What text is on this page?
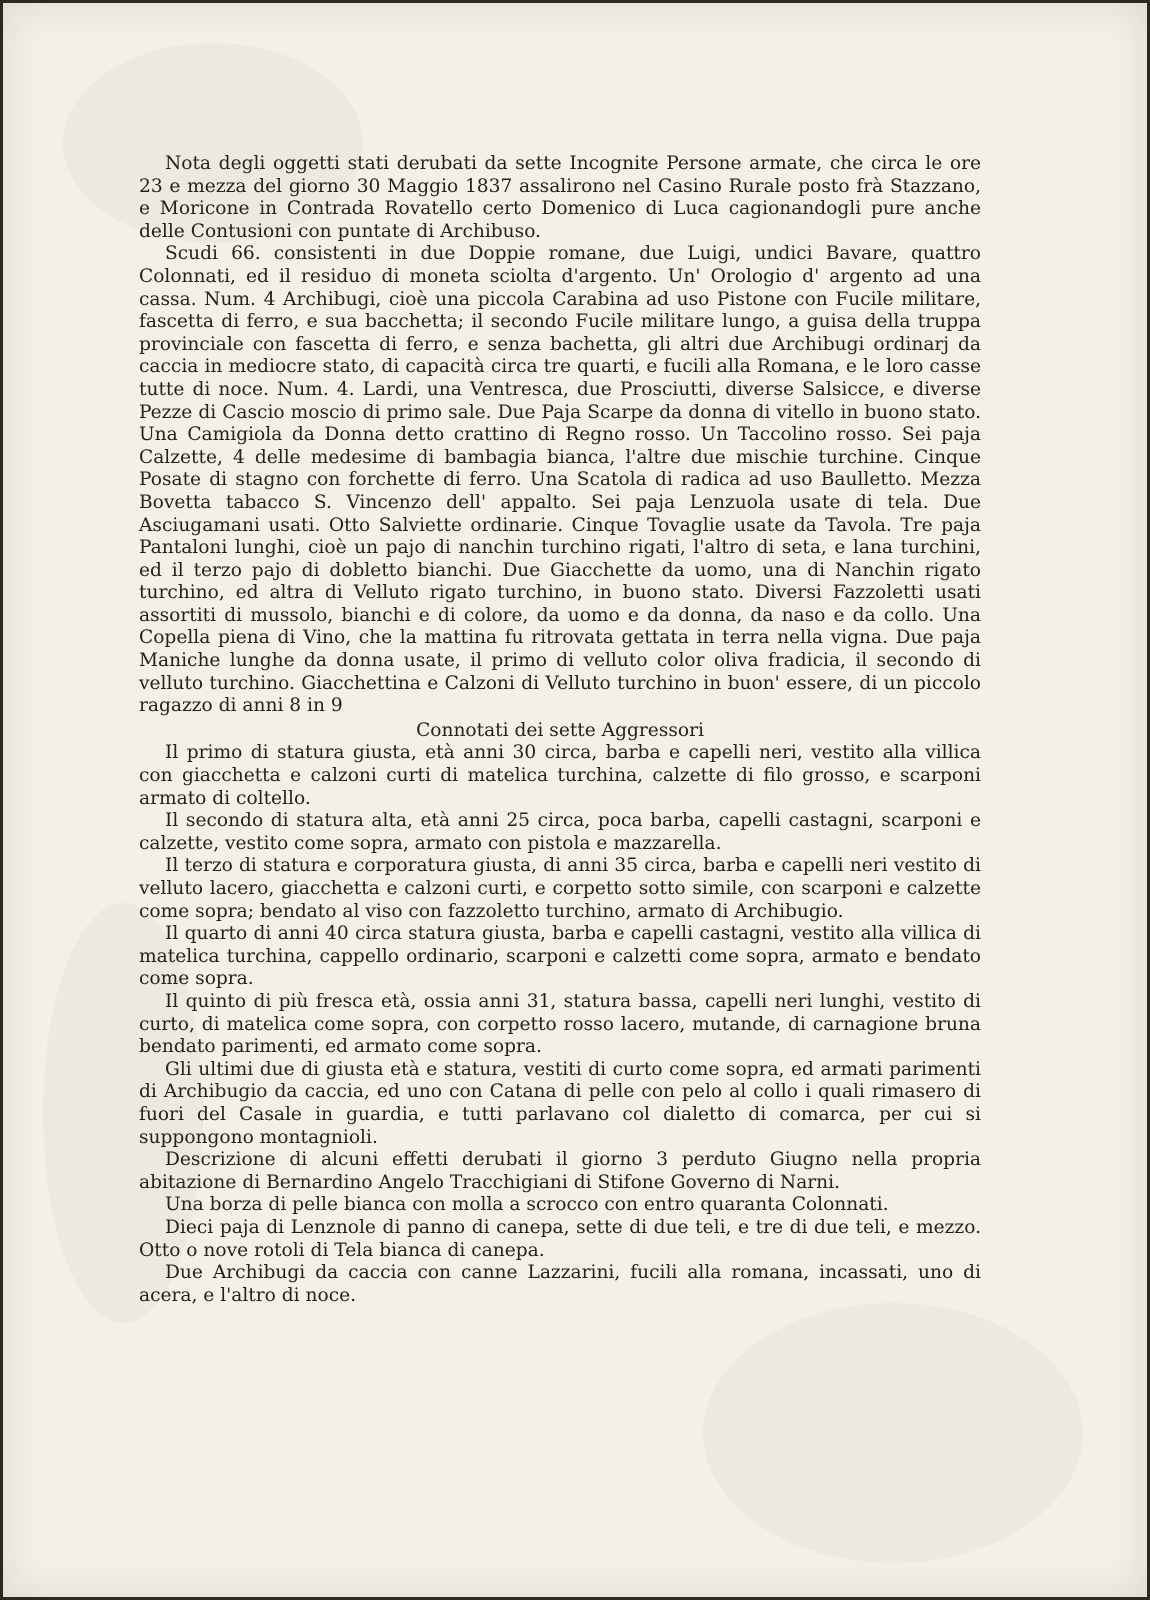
Nota degli oggetti stati derubati da sette Incognite Persone armate, che circa le ore 23 e mezza del giorno 30 Maggio 1837 assalirono nel Casino Rurale posto frà Stazzano, e Moricone in Contrada Rovatello certo Domenico di Luca cagionandogli pure anche delle Contusioni con puntate di Archibuso.

Scudi 66. consistenti in due Doppie romane, due Luigi, undici Bavare, quattro Colonnati, ed il residuo di moneta sciolta d'argento. Un' Orologio d' argento ad una cassa. Num. 4 Archibugi, cioè una piccola Carabina ad uso Pistone con Fucile militare, fascetta di ferro, e sua bacchetta; il secondo Fucile militare lungo, a guisa della truppa provinciale con fascetta di ferro, e senza bachetta, gli altri due Archibugi ordinarj da caccia in mediocre stato, di capacità circa tre quarti, e fucili alla Romana, e le loro casse tutte di noce. Num. 4. Lardi, una Ventresca, due Prosciutti, diverse Salsicce, e diverse Pezze di Cascio moscio di primo sale. Due Paja Scarpe da donna di vitello in buono stato. Una Camigiola da Donna detto crattino di Regno rosso. Un Taccolino rosso. Sei paja Calzette, 4 delle medesime di bambagia bianca, l'altre due mischie turchine. Cinque Posate di stagno con forchette di ferro. Una Scatola di radica ad uso Baulletto. Mezza Bovetta tabacco S. Vincenzo dell' appalto. Sei paja Lenzuola usate di tela. Due Asciugamani usati. Otto Salviette ordinarie. Cinque Tovaglie usate da Tavola. Tre paja Pantaloni lunghi, cioè un pajo di nanchin turchino rigati, l'altro di seta, e lana turchini, ed il terzo pajo di dobletto bianchi. Due Giacchette da uomo, una di Nanchin rigato turchino, ed altra di Velluto rigato turchino, in buono stato. Diversi Fazzoletti usati assortiti di mussolo, bianchi e di colore, da uomo e da donna, da naso e da collo. Una Copella piena di Vino, che la mattina fu ritrovata gettata in terra nella vigna. Due paja Maniche lunghe da donna usate, il primo di velluto color oliva fradicia, il secondo di velluto turchino. Giacchettina e Calzoni di Velluto turchino in buon' essere, di un piccolo ragazzo di anni 8 in 9

Connotati dei sette Aggressori

Il primo di statura giusta, età anni 30 circa, barba e capelli neri, vestito alla villica con giacchetta e calzoni curti di matelica turchina, calzette di filo grosso, e scarponi armato di coltello.

Il secondo di statura alta, età anni 25 circa, poca barba, capelli castagni, scarponi e calzette, vestito come sopra, armato con pistola e mazzarella.

Il terzo di statura e corporatura giusta, di anni 35 circa, barba e capelli neri vestito di velluto lacero, giacchetta e calzoni curti, e corpetto sotto simile, con scarponi e calzette come sopra; bendato al viso con fazzoletto turchino, armato di Archibugio.

Il quarto di anni 40 circa statura giusta, barba e capelli castagni, vestito alla villica di matelica turchina, cappello ordinario, scarponi e calzetti come sopra, armato e bendato come sopra.

Il quinto di più fresca età, ossia anni 31, statura bassa, capelli neri lunghi, vestito di curto, di matelica come sopra, con corpetto rosso lacero, mutande, di carnagione bruna bendato parimenti, ed armato come sopra.

Gli ultimi due di giusta età e statura, vestiti di curto come sopra, ed armati parimenti di Archibugio da caccia, ed uno con Catana di pelle con pelo al collo i quali rimasero di fuori del Casale in guardia, e tutti parlavano col dialetto di comarca, per cui si suppongono montagnioli.

Descrizione di alcuni effetti derubati il giorno 3 perduto Giugno nella propria abitazione di Bernardino Angelo Tracchigiani di Stifone Governo di Narni.

Una borza di pelle bianca con molla a scrocco con entro quaranta Colonnati.

Dieci paja di Lenznole di panno di canepa, sette di due teli, e tre di due teli, e mezzo. Otto o nove rotoli di Tela bianca di canepa.

Due Archibugi da caccia con canne Lazzarini, fucili alla romana, incassati, uno di acera, e l'altro di noce.
